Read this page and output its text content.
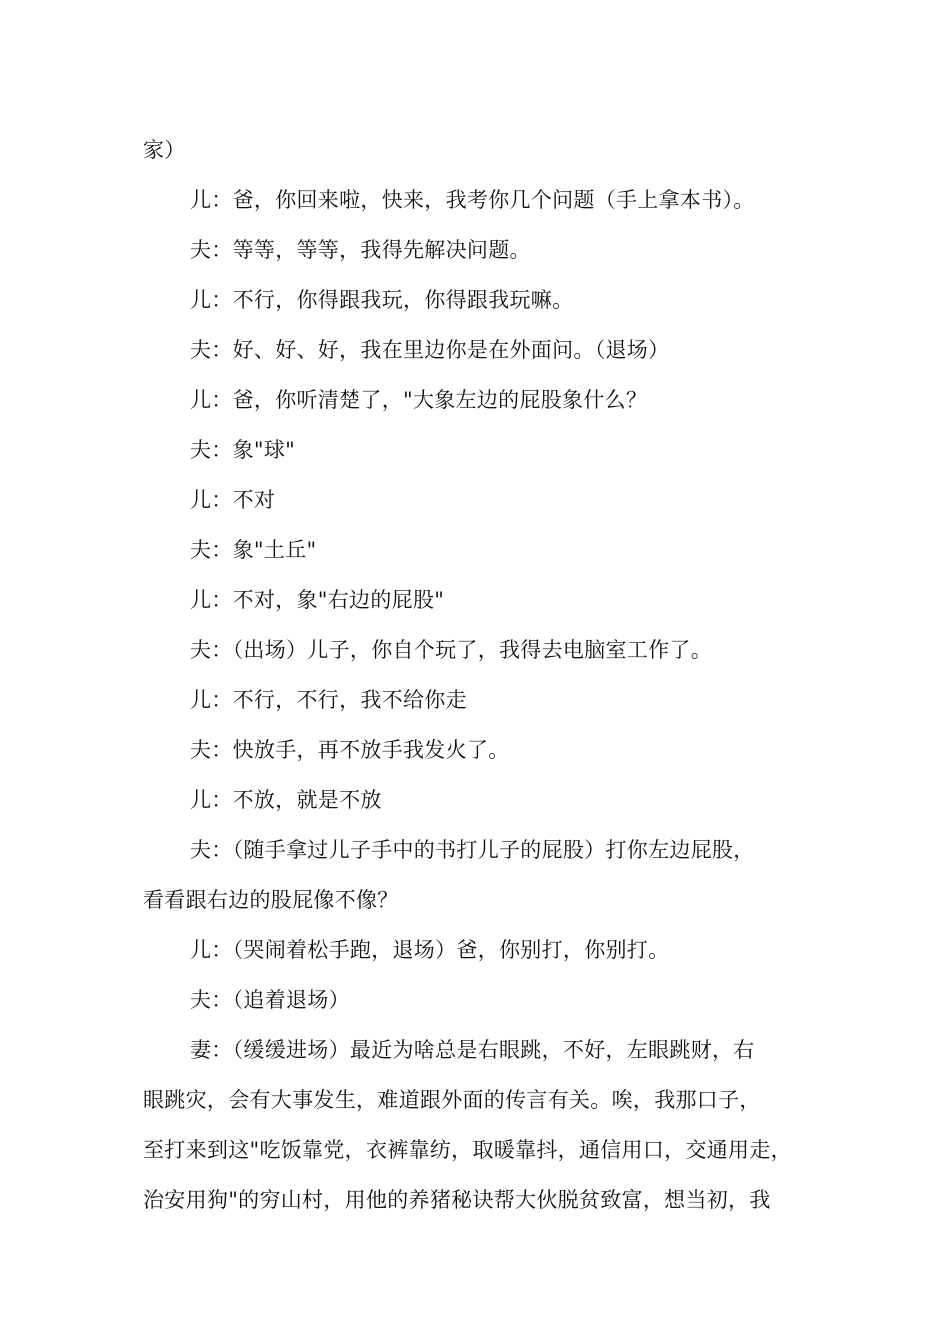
家）
儿：爸，你回来啦，快来，我考你几个问题（手上拿本书）。
夫：等等，等等，我得先解决问题。
儿：不行，你得跟我玩，你得跟我玩嘛。
夫：好、好、好，我在里边你是在外面问。（退场）
儿：爸，你听清楚了，"大象左边的屁股象什么？
夫：象"球"
儿：不对
夫：象"土丘"
儿：不对，象"右边的屁股"
夫：（出场）儿子，你自个玩了，我得去电脑室工作了。
儿：不行，不行，我不给你走
夫：快放手，再不放手我发火了。
儿：不放，就是不放
夫：（随手拿过儿子手中的书打儿子的屁股）打你左边屁股，
看看跟右边的股屁像不像？
儿：（哭闹着松手跑，退场）爸，你别打，你别打。
夫：（追着退场）
妻：（缓缓进场）最近为啥总是右眼跳，不好，左眼跳财，右
眼跳灾，会有大事发生，难道跟外面的传言有关。唉，我那口子，
至打来到这"吃饭靠党，衣裤靠纺，取暖靠抖，通信用口，交通用走，
治安用狗"的穷山村，用他的养猪秘诀帮大伙脱贫致富，想当初，我
